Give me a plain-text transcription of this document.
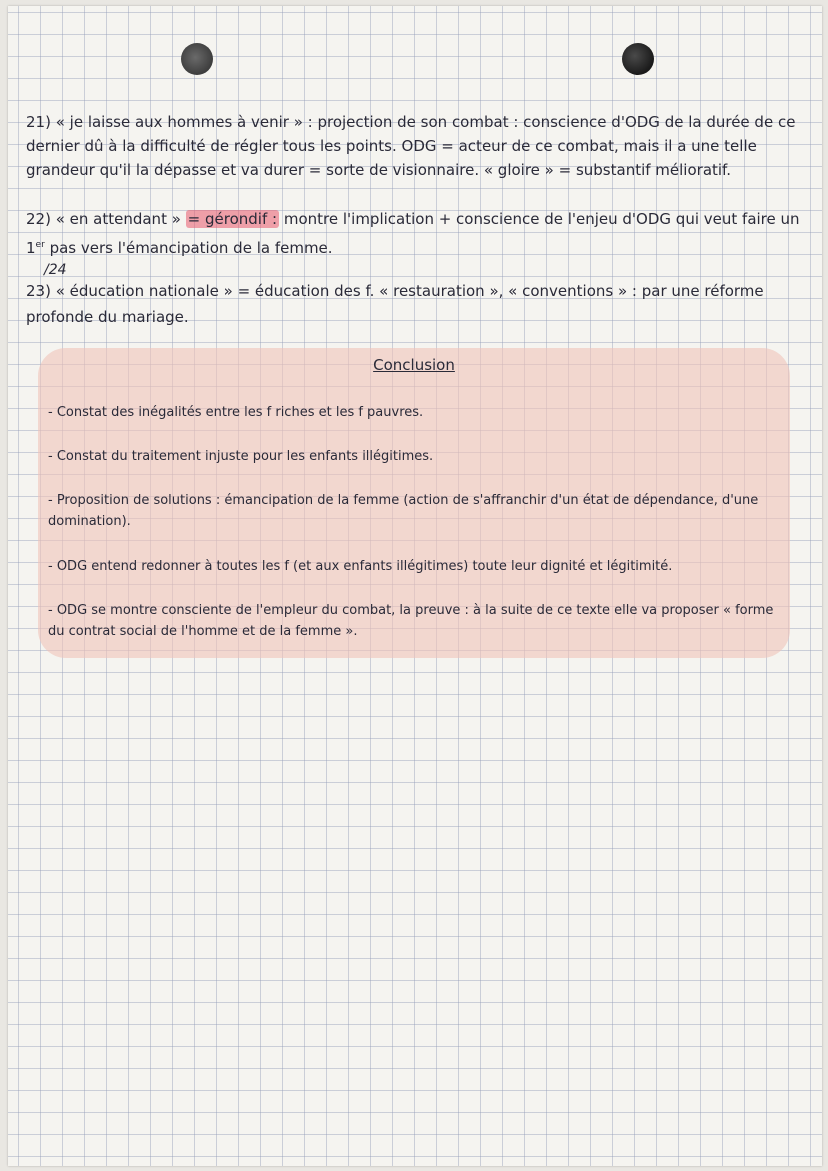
21) « je laisse aux hommes à venir » : projection de son combat : conscience d'ODG de la durée de ce dernier dû à la difficulté de régler tous les points. ODG = acteur de ce combat, mais il a une telle grandeur qu'il la dépasse et va durer = sorte de visionnaire. « gloire » = substantif mélioratif.

22) « en attendant » = gérondif : montre l'implication + conscience de l'enjeu d'ODG qui veut faire un 1er pas vers l'émancipation de la femme.

/24

23) « éducation nationale » = éducation des f. « restauration », « conventions » : par une réforme profonde du mariage.

Conclusion
- Constat des inégalités entre les f riches et les f pauvres.
- Constat du traitement injuste pour les enfants illégitimes.
- Proposition de solutions : émancipation de la femme (action de s'affranchir d'un état de dépendance, d'une domination).
- ODG entend redonner à toutes les f (et aux enfants illégitimes) toute leur dignité et légitimité.
- ODG se montre consciente de l'empleur du combat, la preuve : à la suite de ce texte elle va proposer « forme du contrat social de l'homme et de la femme ».
